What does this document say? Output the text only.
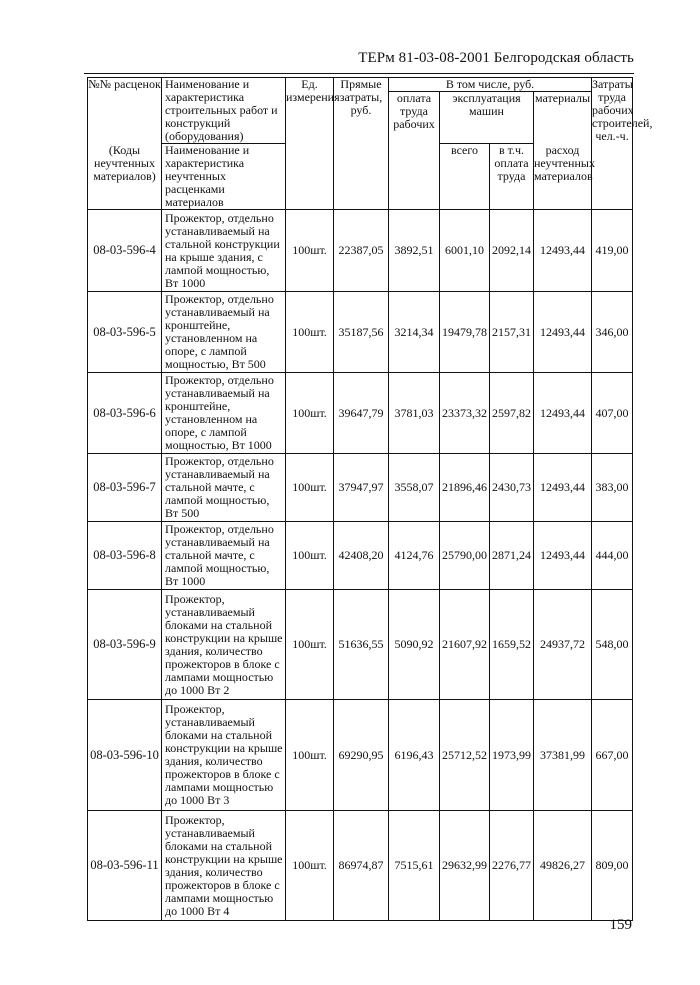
ТЕРм 81-03-08-2001 Белгородская область
№№ расценок	Наименование и характеристика строительных работ и конструкций (оборудования)	Ед. измерения	Прямые затраты, руб.	В том числе, руб.				Затраты труда рабочих строителей, чел.-ч.
				оплата труда рабочих	эксплуатация машин		материалы	
(Коды неучтенных материалов)	Наименование и характеристика неучтенных расценками материалов				всего	в т.ч. оплата труда	расход неучтенных материалов	

08-03-596-4	Прожектор, отдельно устанавливаемый на стальной конструкции на крыше здания, с лампой мощностью, Вт 1000	100шт.	22387,05	3892,51	6001,10	2092,14	12493,44	419,00
08-03-596-5	Прожектор, отдельно устанавливаемый на кронштейне, установленном на опоре, с лампой мощностью, Вт 500	100шт.	35187,56	3214,34	19479,78	2157,31	12493,44	346,00
08-03-596-6	Прожектор, отдельно устанавливаемый на кронштейне, установленном на опоре, с лампой мощностью, Вт 1000	100шт.	39647,79	3781,03	23373,32	2597,82	12493,44	407,00
08-03-596-7	Прожектор, отдельно устанавливаемый на стальной мачте, с лампой мощностью, Вт 500	100шт.	37947,97	3558,07	21896,46	2430,73	12493,44	383,00
08-03-596-8	Прожектор, отдельно устанавливаемый на стальной мачте, с лампой мощностью, Вт 1000	100шт.	42408,20	4124,76	25790,00	2871,24	12493,44	444,00
08-03-596-9	Прожектор, устанавливаемый блоками на стальной конструкции на крыше здания, количество прожекторов в блоке с лампами мощностью до 1000 Вт 2	100шт.	51636,55	5090,92	21607,92	1659,52	24937,72	548,00
08-03-596-10	Прожектор, устанавливаемый блоками на стальной конструкции на крыше здания, количество прожекторов в блоке с лампами мощностью до 1000 Вт 3	100шт.	69290,95	6196,43	25712,52	1973,99	37381,99	667,00
08-03-596-11	Прожектор, устанавливаемый блоками на стальной конструкции на крыше здания, количество прожекторов в блоке с лампами мощностью до 1000 Вт 4	100шт.	86974,87	7515,61	29632,99	2276,77	49826,27	809,00
159
